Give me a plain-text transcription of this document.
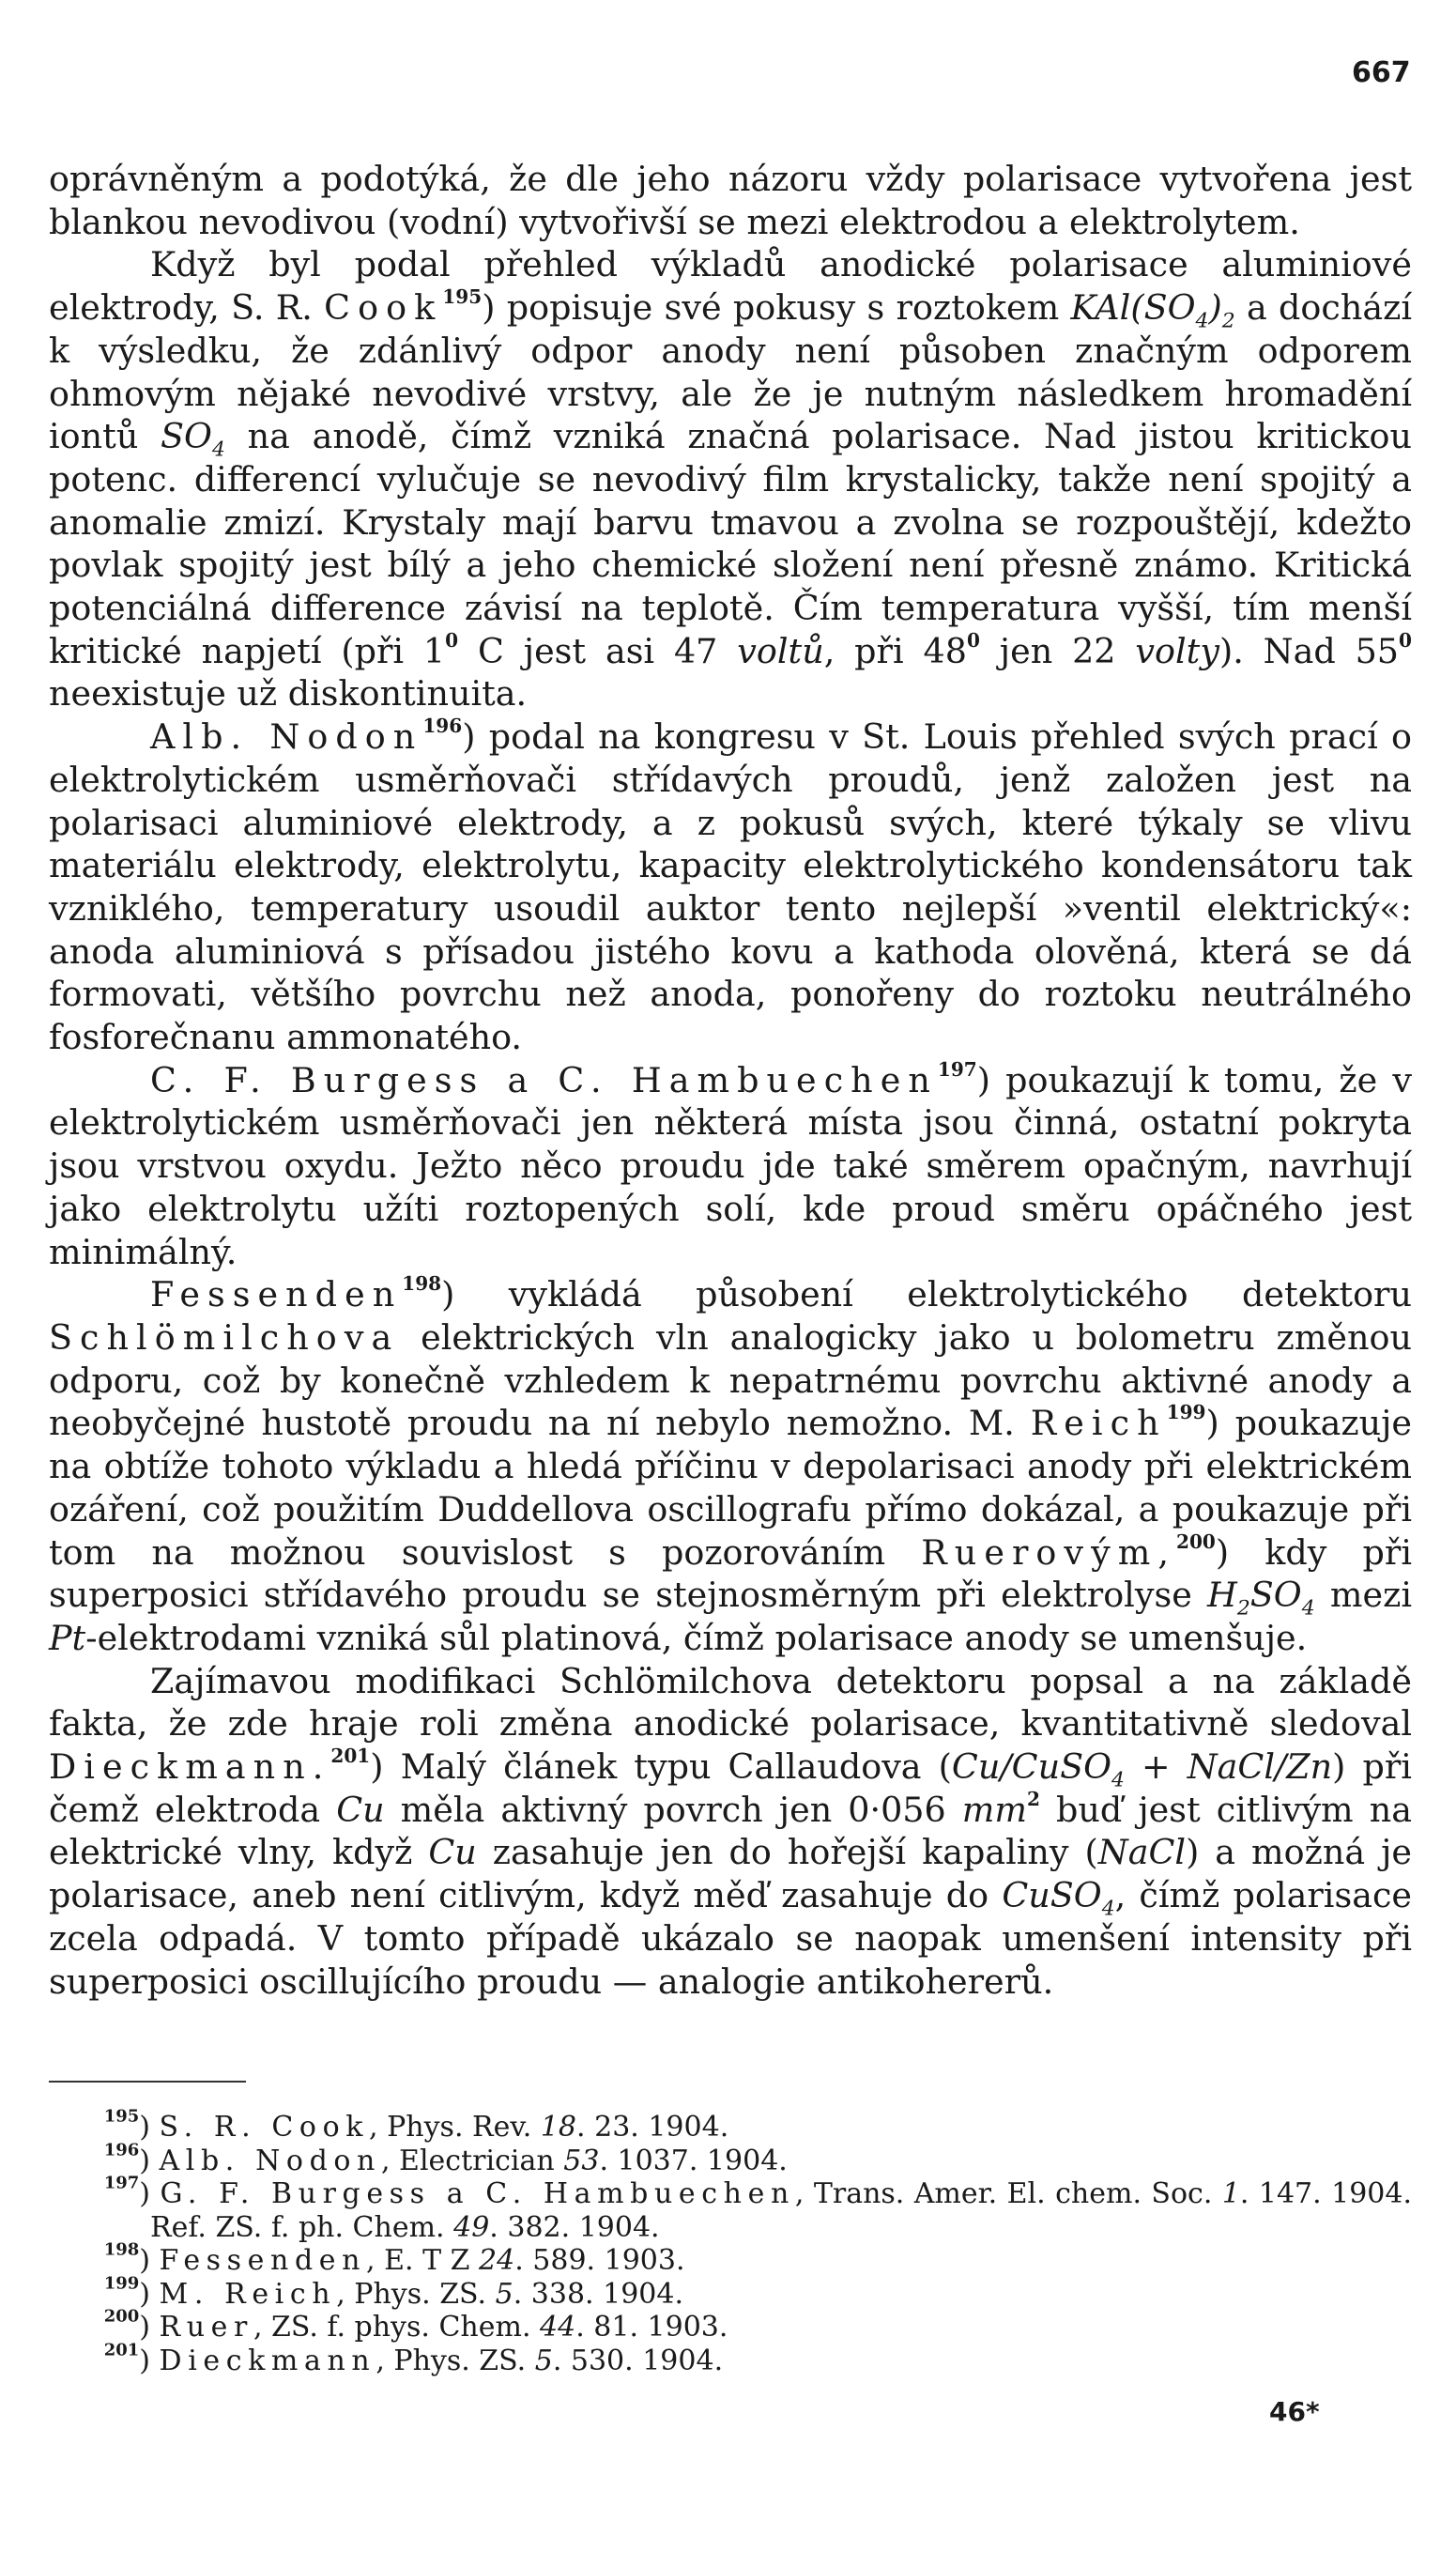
667

oprávněným a podotýká, že dle jeho názoru vždy polarisace vytvořena jest blankou nevodivou (vodní) vytvořivší se mezi elektrodou a elektrolytem.

Když byl podal přehled výkladů anodické polarisace aluminiové elektrody, S. R. Cook$^{195}$) popisuje své pokusy s roztokem $KAl(SO_4)_2$ a dochází k výsledku, že zdánlivý odpor anody není působen značným odporem ohmovým nějaké nevodivé vrstvy, ale že je nutným následkem hromadění iontů $SO_4$ na anodě, čímž vzniká značná polarisace. Nad jistou kritickou potenc. differencí vylučuje se nevodivý film krystalicky, takže není spojitý a anomalie zmizí. Krystaly mají barvu tmavou a zvolna se rozpouštějí, kdežto povlak spojitý jest bílý a jeho chemické složení není přesně známo. Kritická potenciálná difference závisí na teplotě. Čím temperatura vyšší, tím menší kritické napjetí (při $1^0$ C jest asi 47 voltů, při $48^0$ jen 22 volty). Nad $55^0$ neexistuje už diskontinuita.

Alb. Nodon$^{196}$) podal na kongresu v St. Louis přehled svých prací o elektrolytickém usměrňovači střídavých proudů, jenž založen jest na polarisaci aluminiové elektrody, a z pokusů svých, které týkaly se vlivu materiálu elektrody, elektrolytu, kapacity elektrolytického kondensátoru tak vzniklého, temperatury usoudil auktor tento nejlepší »ventil elektrický«: anoda aluminiová s přísadou jistého kovu a kathoda olověná, která se dá formovati, většího povrchu než anoda, ponořeny do roztoku neutrálného fosforečnanu ammonatého.

C. F. Burgess a C. Hambuechen$^{197}$) poukazují k tomu, že v elektrolytickém usměrňovači jen některá místa jsou činná, ostatní pokryta jsou vrstvou oxydu. Ježto něco proudu jde také směrem opačným, navrhují jako elektrolytu užíti roztopených solí, kde proud směru opáčného jest minimálný.

Fessenden$^{198}$) vykládá působení elektrolytického detektoru Schlömilchova elektrických vln analogicky jako u bolometru změnou odporu, což by konečně vzhledem k nepatrnému povrchu aktivné anody a neobyčejné hustotě proudu na ní nebylo nemožno. M. Reich$^{199}$) poukazuje na obtíže tohoto výkladu a hledá příčinu v depolarisaci anody při elektrickém ozáření, což použitím Duddellova oscillografu přímo dokázal, a poukazuje při tom na možnou souvislost s pozorováním Ruerovým,$^{200}$) kdy při superposici střídavého proudu se stejnosměrným při elektrolyse $H_2SO_4$ mezi Pt-elektrodami vzniká sůl platinová, čímž polarisace anody se umenšuje.

Zajímavou modifikaci Schlömilchova detektoru popsal a na základě fakta, že zde hraje roli změna anodické polarisace, kvantitativně sledoval Dieckmann.$^{201}$) Malý článek typu Callaudova (Cu/CuSO$_4$ + NaCl/Zn) při čemž elektroda Cu měla aktivný povrch jen 0·056 $mm^2$ buď jest citlivým na elektrické vlny, když Cu zasahuje jen do hořejší kapaliny (NaCl) a možná je polarisace, aneb není citlivým, když měď zasahuje do CuSO$_4$, čímž polarisace zcela odpadá. V tomto případě ukázalo se naopak umenšení intensity při superposici oscillujícího proudu — analogie antikohererů.

$^{195}$) S. R. Cook, Phys. Rev. 18. 23. 1904.

$^{196}$) Alb. Nodon, Electrician 53. 1037. 1904.

$^{197}$) G. F. Burgess a C. Hambuechen, Trans. Amer. El. chem. Soc. 1. 147. 1904. Ref. ZS. f. ph. Chem. 49. 382. 1904.

$^{198}$) Fessenden, E. T Z 24. 589. 1903.

$^{199}$) M. Reich, Phys. ZS. 5. 338. 1904.

$^{200}$) Ruer, ZS. f. phys. Chem. 44. 81. 1903.

$^{201}$) Dieckmann, Phys. ZS. 5. 530. 1904.

46*
